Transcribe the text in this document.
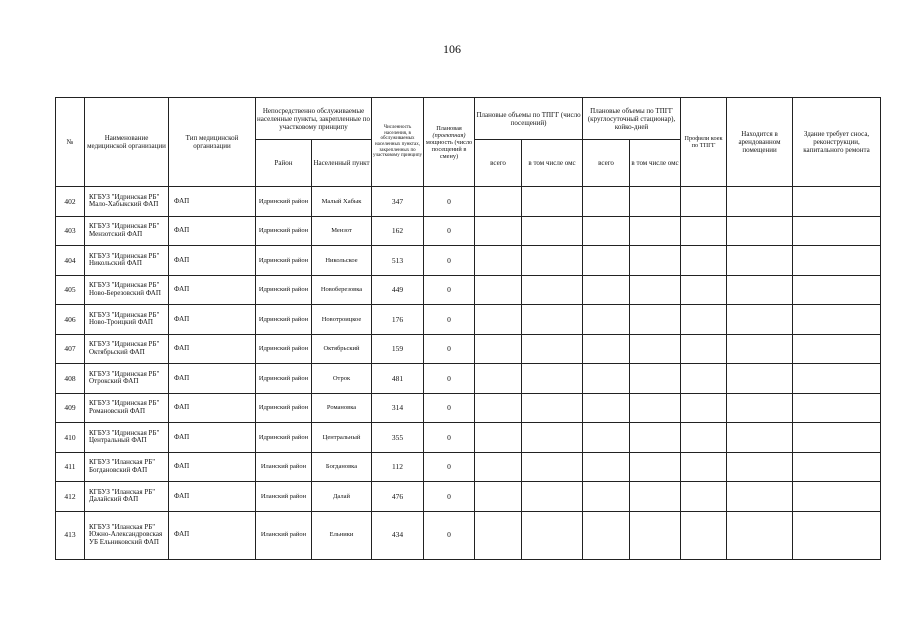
106
№	Наименование медицинской организации	Тип медицинской организации	Непосредственно обслуживаемые населенные пункты, закрепленные по участковому принципу		Численность населения, в обслуживаемых населенных пунктах, закрепленных по участковому принципу	Плановая (проектная) мощность (число посещений в смену)	Плановые объемы по ТПГГ (число посещений)		Плановые объемы по ТПГГ (круглосуточный стационар), койко-дней		Профили коек по ТПГГ	Находится в арендованном помещении	Здание требует сноса, реконструкции, капитального ремонта
			Район	Населенный пункт			всего	в том числе омс	всего	в том числе омс			
402	КГБУЗ "Идринская РБ" Мало-Хабыкский ФАП	ФАП	Идринский район	Малый Хабык	347	0							
403	КГБУЗ "Идринская РБ" Мензотский ФАП	ФАП	Идринский район	Мензот	162	0							
404	КГБУЗ "Идринская РБ" Никольский ФАП	ФАП	Идринский район	Никольское	513	0							
405	КГБУЗ "Идринская РБ" Ново-Березовский ФАП	ФАП	Идринский район	Новоберезовка	449	0							
406	КГБУЗ "Идринская РБ" Ново-Троицкий ФАП	ФАП	Идринский район	Новотроицкое	176	0							
407	КГБУЗ "Идринская РБ" Октябрьский ФАП	ФАП	Идринский район	Октябрьский	159	0							
408	КГБУЗ "Идринская РБ" Отрокский ФАП	ФАП	Идринский район	Отрок	481	0							
409	КГБУЗ "Идринская РБ" Романовский ФАП	ФАП	Идринский район	Романовка	314	0							
410	КГБУЗ "Идринская РБ" Центральный ФАП	ФАП	Идринский район	Центральный	355	0							
411	КГБУЗ "Иланская РБ" Богдановский ФАП	ФАП	Иланский район	Богдановка	112	0							
412	КГБУЗ "Иланская РБ" Далайский ФАП	ФАП	Иланский район	Далай	476	0							
413	КГБУЗ "Иланская РБ" Южно-Александровская УБ Ельниковский ФАП	ФАП	Иланский район	Ельники	434	0							
